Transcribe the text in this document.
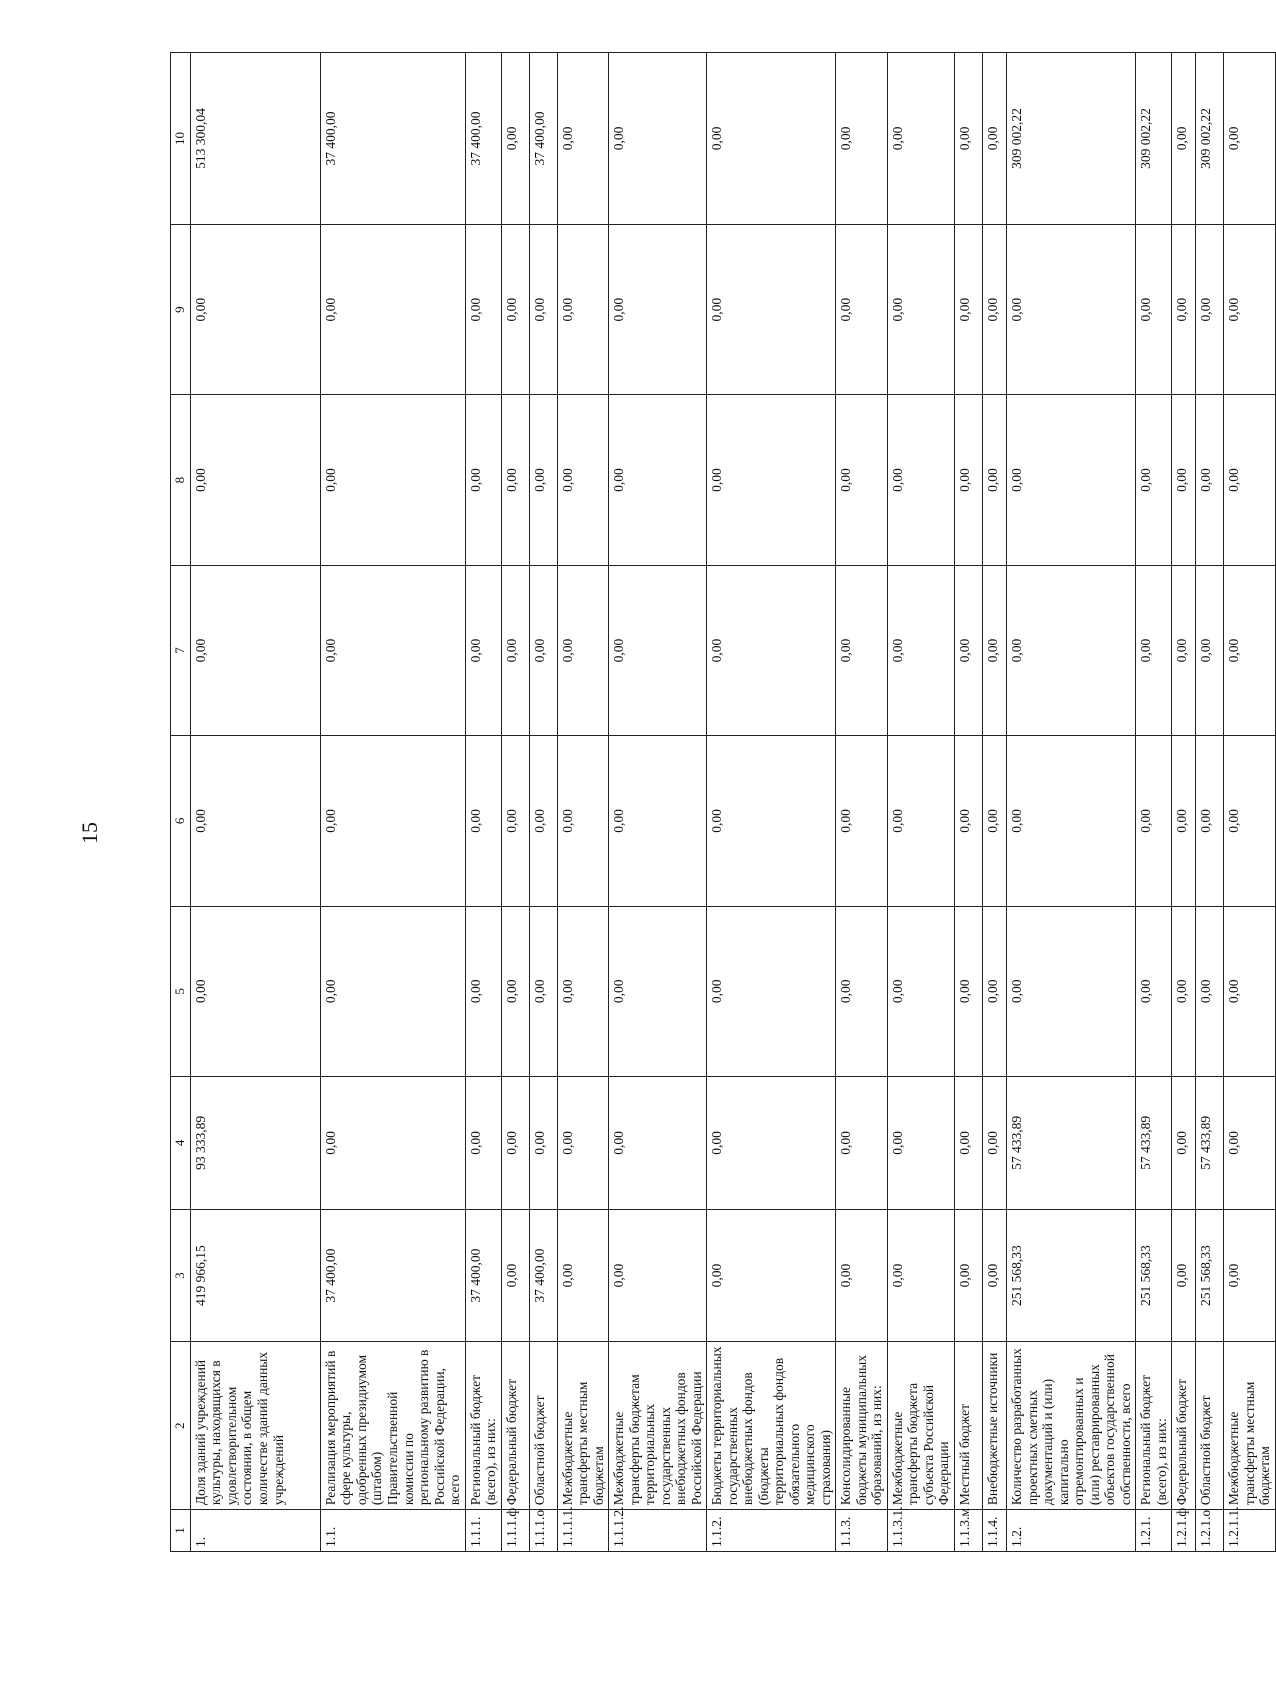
15
1	2	3	4	5	6	7	8	9	10
1.	Доля зданий учреждений культуры, находящихся в удовлетворительном состоянии, в общем количестве зданий данных учреждений	419 966,15	93 333,89	0,00	0,00	0,00	0,00	0,00	513 300,04
1.1.	Реализация мероприятий в сфере культуры, одобренных президиумом (штабом) Правительственной комиссии по региональному развитию в Российской Федерации, всего	37 400,00	0,00	0,00	0,00	0,00	0,00	0,00	37 400,00
1.1.1.	Региональный бюджет (всего), из них:	37 400,00	0,00	0,00	0,00	0,00	0,00	0,00	37 400,00
1.1.1.ф	Федеральный бюджет	0,00	0,00	0,00	0,00	0,00	0,00	0,00	0,00
1.1.1.о	Областной бюджет	37 400,00	0,00	0,00	0,00	0,00	0,00	0,00	37 400,00
1.1.1.1.	Межбюджетные трансферты местным бюджетам	0,00	0,00	0,00	0,00	0,00	0,00	0,00	0,00
1.1.1.2.	Межбюджетные трансферты бюджетам территориальных государственных внебюджетных фондов Российской Федерации	0,00	0,00	0,00	0,00	0,00	0,00	0,00	0,00
1.1.2.	Бюджеты территориальных государственных внебюджетных фондов (бюджеты территориальных фондов обязательного медицинского страхования)	0,00	0,00	0,00	0,00	0,00	0,00	0,00	0,00
1.1.3.	Консолидированные бюджеты муниципальных образований, из них:	0,00	0,00	0,00	0,00	0,00	0,00	0,00	0,00
1.1.3.1.	Межбюджетные трансферты бюджета субъекта Российской Федерации	0,00	0,00	0,00	0,00	0,00	0,00	0,00	0,00
1.1.3.м	Местный бюджет	0,00	0,00	0,00	0,00	0,00	0,00	0,00	0,00
1.1.4.	Внебюджетные источники	0,00	0,00	0,00	0,00	0,00	0,00	0,00	0,00
1.2.	Количество разработанных проектных сметных документаций и (или) капитально отремонтированных и (или) реставрированных объектов государственной собственности, всего	251 568,33	57 433,89	0,00	0,00	0,00	0,00	0,00	309 002,22
1.2.1.	Региональный бюджет (всего), из них:	251 568,33	57 433,89	0,00	0,00	0,00	0,00	0,00	309 002,22
1.2.1.ф	Федеральный бюджет	0,00	0,00	0,00	0,00	0,00	0,00	0,00	0,00
1.2.1.о	Областной бюджет	251 568,33	57 433,89	0,00	0,00	0,00	0,00	0,00	309 002,22
1.2.1.1.	Межбюджетные трансферты местным бюджетам	0,00	0,00	0,00	0,00	0,00	0,00	0,00	0,00
